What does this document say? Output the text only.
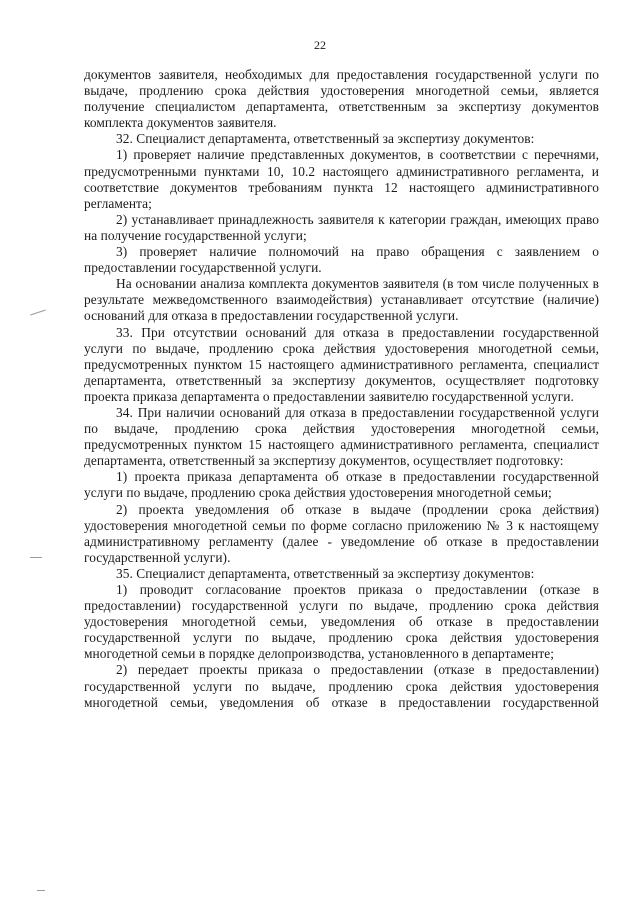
22

документов заявителя, необходимых для предоставления государственной услуги по выдаче, продлению срока действия удостоверения многодетной семьи, является получение специалистом департамента, ответственным за экспертизу документов комплекта документов заявителя.

32. Специалист департамента, ответственный за экспертизу документов:

1) проверяет наличие представленных документов, в соответствии с перечнями, предусмотренными пунктами 10, 10.2 настоящего административного регламента, и соответствие документов требованиям пункта 12 настоящего административного регламента;

2) устанавливает принадлежность заявителя к категории граждан, имеющих право на получение государственной услуги;

3) проверяет наличие полномочий на право обращения с заявлением о предоставлении государственной услуги.

На основании анализа комплекта документов заявителя (в том числе полученных в результате межведомственного взаимодействия) устанавливает отсутствие (наличие) оснований для отказа в предоставлении государственной услуги.

33. При отсутствии оснований для отказа в предоставлении государственной услуги по выдаче, продлению срока действия удостоверения многодетной семьи, предусмотренных пунктом 15 настоящего административного регламента, специалист департамента, ответственный за экспертизу документов, осуществляет подготовку проекта приказа департамента о предоставлении заявителю государственной услуги.

34. При наличии оснований для отказа в предоставлении государственной услуги по выдаче, продлению срока действия удостоверения многодетной семьи, предусмотренных пунктом 15 настоящего административного регламента, специалист департамента, ответственный за экспертизу документов, осуществляет подготовку:

1) проекта приказа департамента об отказе в предоставлении государственной услуги по выдаче, продлению срока действия удостоверения многодетной семьи;

2) проекта уведомления об отказе в выдаче (продлении срока действия) удостоверения многодетной семьи по форме согласно приложению № 3 к настоящему административному регламенту (далее - уведомление об отказе в предоставлении государственной услуги).

35. Специалист департамента, ответственный за экспертизу документов:

1) проводит согласование проектов приказа о предоставлении (отказе в предоставлении) государственной услуги по выдаче, продлению срока действия удостоверения многодетной семьи, уведомления об отказе в предоставлении государственной услуги по выдаче, продлению срока действия удостоверения многодетной семьи в порядке делопроизводства, установленного в департаменте;

2) передает проекты приказа о предоставлении (отказе в предоставлении) государственной услуги по выдаче, продлению срока действия удостоверения многодетной семьи, уведомления об отказе в предоставлении государственной
